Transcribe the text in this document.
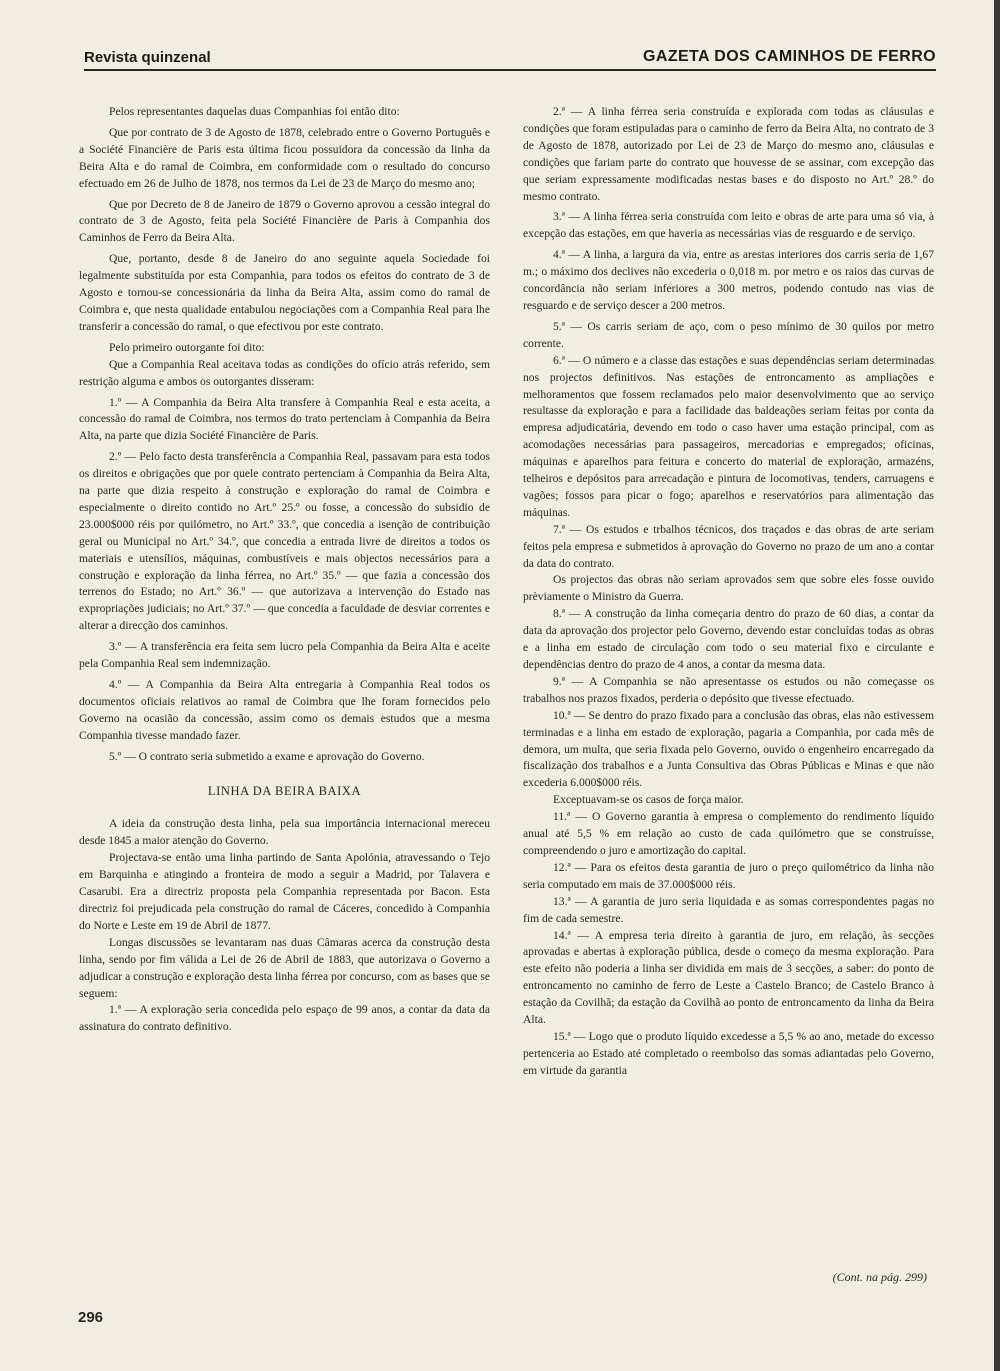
Revista quinzenal	GAZETA DOS CAMINHOS DE FERRO

Pelos representantes daquelas duas Companhias foi então dito:

Que por contrato de 3 de Agosto de 1878, celebrado entre o Governo Português e a Société Financière de Paris esta última ficou possuidora da concessão da linha da Beira Alta e do ramal de Coimbra, em conformidade com o resultado do concurso efectuado em 26 de Julho de 1878, nos termos da Lei de 23 de Março do mesmo ano;

Que por Decreto de 8 de Janeiro de 1879 o Governo aprovou a cessão integral do contrato de 3 de Agosto, feita pela Société Financière de Paris à Companhia dos Caminhos de Ferro da Beira Alta.

Que, portanto, desde 8 de Janeiro do ano seguinte aquela Sociedade foi legalmente substituída por esta Companhia, para todos os efeitos do contrato de 3 de Agosto e tornou-se concessionária da linha da Beira Alta, assim como do ramal de Coimbra e, que nesta qualidade entabulou negociações com a Companhia Real para lhe transferir a concessão do ramal, o que efectivou por este contrato.

Pelo primeiro outorgante foi dito:

Que a Companhia Real aceitava todas as condições do ofício atrás referido, sem restrição alguma e ambos os outorgantes disseram:

1.º — A Companhia da Beira Alta transfere à Companhia Real e esta aceita, a concessão do ramal de Coimbra, nos termos do trato pertenciam à Companhia da Beira Alta, na parte que dizia Société Financière de Paris.

2.º — Pelo facto desta transferência a Companhia Real, passavam para esta todos os direitos e obrigações que por quele contrato pertenciam à Companhia da Beira Alta, na parte que dizia respeito à construção e exploração do ramal de Coimbra e especialmente o direito contido no Art.º 25.º ou fosse, a concessão do subsidio de 23.000$000 réis por quilómetro, no Art.º 33.º, que concedia a isenção de contribuição geral ou Municipal no Art.º 34.º, que concedia a entrada livre de direitos a todos os materiais e utensílios, máquinas, combustíveis e mais objectos necessários para a construção e exploração da linha férrea, no Art.º 35.º — que fazia a concessão dos terrenos do Estado; no Art.º 36.º — que autorizava a intervenção do Estado nas expropriações judiciais; no Art.º 37.º — que concedia a faculdade de desviar correntes e alterar a direcção dos caminhos.

3.º — A transferência era feita sem lucro pela Companhia da Beira Alta e aceite pela Companhia Real sem indemnização.

4.º — A Companhia da Beira Alta entregaria à Companhia Real todos os documentos oficiais relativos ao ramal de Coimbra que lhe foram fornecidos pelo Governo na ocasião da concessão, assim como os demais estudos que a mesma Companhia tivesse mandado fazer.

5.º — O contrato seria submetido a exame e aprovação do Governo.

LINHA DA BEIRA BAIXA

A ideia da construção desta linha, pela sua importância internacional mereceu desde 1845 a maior atenção do Governo.

Projectava-se então uma linha partindo de Santa Apolónia, atravessando o Tejo em Barquinha e atingindo a fronteira de modo a seguir a Madrid, por Talavera e Casarubi. Era a directriz proposta pela Companhia representada por Bacon. Esta directriz foi prejudicada pela construção do ramal de Cáceres, concedido à Companhia do Norte e Leste em 19 de Abril de 1877.

Longas discussões se levantaram nas duas Câmaras acerca da construção desta linha, sendo por fim válida a Lei de 26 de Abril de 1883, que autorizava o Governo a adjudicar a construção e exploração desta linha férrea por concurso, com as bases que se seguem:

1.ª — A exploração seria concedida pelo espaço de 99 anos, a contar da data da assinatura do contrato definitivo.

2.ª — A linha férrea seria construída e explorada com todas as cláusulas e condições que foram estipuladas para o caminho de ferro da Beira Alta, no contrato de 3 de Agosto de 1878, autorizado por Lei de 23 de Março do mesmo ano, cláusulas e condições que fariam parte do contrato que houvesse de se assinar, com excepção das que seriam expressamente modificadas nestas bases e do disposto no Art.º 28.º do mesmo contrato.

3.ª — A linha férrea seria construída com leito e obras de arte para uma só via, à excepção das estações, em que haveria as necessárias vias de resguardo e de serviço.

4.ª — A linha, a largura da via, entre as arestas interiores dos carris seria de 1,67 m.; o máximo dos declives não excederia o 0,018 m. por metro e os raios das curvas de concordância não seriam inferiores a 300 metros, podendo contudo nas vias de resguardo e de serviço descer a 200 metros.

5.ª — Os carris seriam de aço, com o peso mínimo de 30 quilos por metro corrente.

6.ª — O número e a classe das estações e suas dependências seriam determinadas nos projectos definitivos. Nas estações de entroncamento as ampliações e melhoramentos que fossem reclamados pelo maior desenvolvimento que ao serviço resultasse da exploração e para a facilidade das baldeações seriam feitas por conta da empresa adjudicatária, devendo em todo o caso haver uma estação principal, com as acomodações necessárias para passageiros, mercadorias e empregados; oficinas, máquinas e aparelhos para feitura e concerto do material de exploração, armazéns, telheiros e depósitos para arrecadação e pintura de locomotivas, tenders, carruagens e vagões; fossos para picar o fogo; aparelhos e reservatórios para alimentação das máquinas.

7.ª — Os estudos e trbalhos técnicos, dos traçados e das obras de arte seriam feitos pela empresa e submetidos à aprovação do Governo no prazo de um ano a contar da data do contrato.

Os projectos das obras não seriam aprovados sem que sobre eles fosse ouvido prèviamente o Ministro da Guerra.

8.ª — A construção da linha começaria dentro do prazo de 60 dias, a contar da data da aprovação dos projector pelo Governo, devendo estar concluídas todas as obras e a linha em estado de circulação com todo o seu material fixo e circulante e dependências dentro do prazo de 4 anos, a contar da mesma data.

9.ª — A Companhia se não apresentasse os estudos ou não começasse os trabalhos nos prazos fixados, perderia o depósito que tivesse efectuado.

10.ª — Se dentro do prazo fixado para a conclusão das obras, elas não estivessem terminadas e a linha em estado de exploração, pagaria a Companhia, por cada mês de demora, um multa, que seria fixada pelo Governo, ouvido o engenheiro encarregado da fiscalização dos trabalhos e a Junta Consultiva das Obras Públicas e Minas e que não excederia 6.000$000 réis.

Exceptuavam-se os casos de força maior.

11.ª — O Governo garantia à empresa o complemento do rendimento líquido anual até 5,5 % em relação ao custo de cada quilómetro que se construísse, compreendendo o juro e amortização do capital.

12.ª — Para os efeitos desta garantia de juro o preço quilométrico da linha não seria computado em mais de 37.000$000 réis.

13.ª — A garantia de juro seria liquidada e as somas correspondentes pagas no fim de cada semestre.

14.ª — A empresa teria direito à garantia de juro, em relação, às secções aprovadas e abertas à exploração pública, desde o começo da mesma exploração. Para este efeito não poderia a linha ser dividida em mais de 3 secções, a saber: do ponto de entroncamento no caminho de ferro de Leste a Castelo Branco; de Castelo Branco à estação da Covilhã; da estação da Covilhã ao ponto de entroncamento da linha da Beira Alta.

15.ª — Logo que o produto líquido excedesse a 5,5 % ao ano, metade do excesso pertenceria ao Estado até completado o reembolso das somas adiantadas pelo Governo, em virtude da garantia

(Cont. na pág. 299)
296
